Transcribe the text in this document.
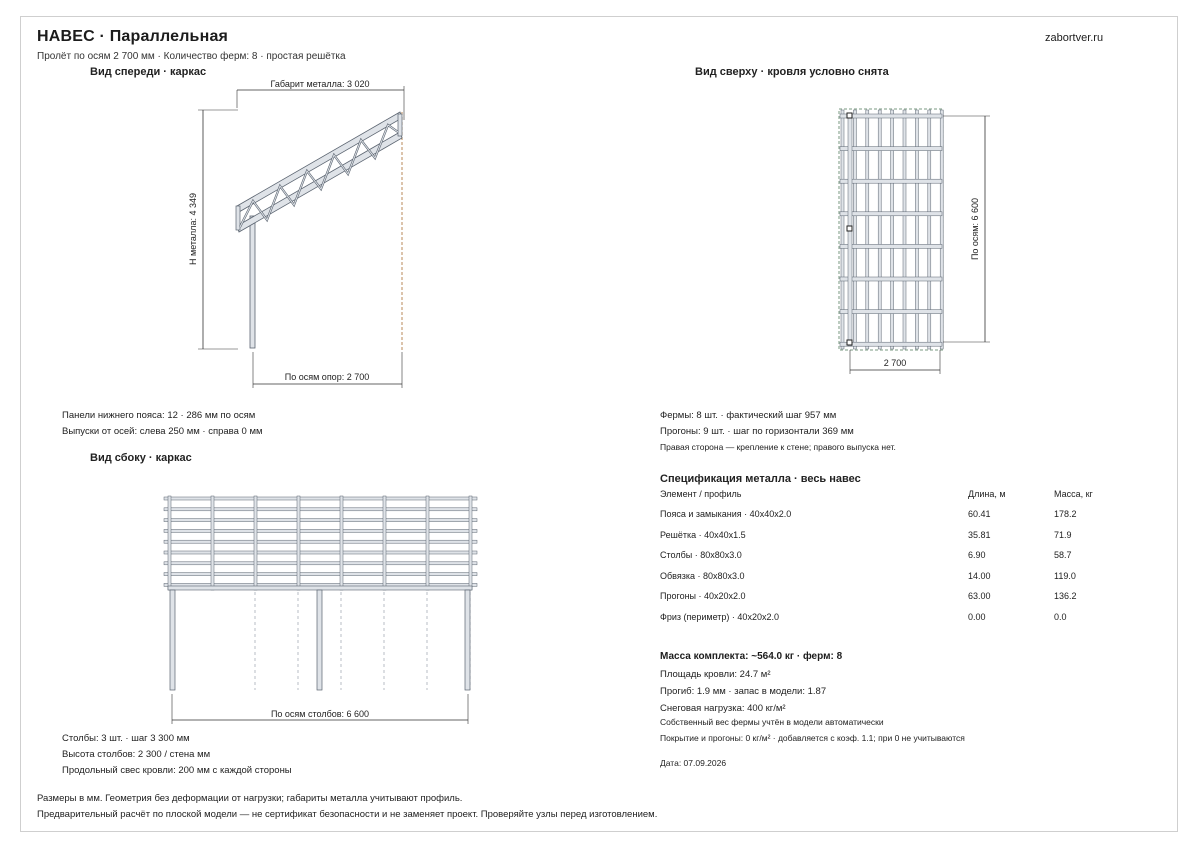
НАВЕС · Параллельная
Пролёт по осям 2 700 мм · Количество ферм: 8 · простая решётка
zabortver.ru
Вид спереди · каркас	Вид сверху · кровля условно снята
Вид сбоку · каркас
Габарит металла: 3 020
Н металла: 4 349
По осям опор: 2 700
Панели нижнего пояса: 12 · 286 мм по осям
Выпуски от осей: слева 250 мм · справа 0 мм
По осям: 6 600
2 700
Фермы: 8 шт. · фактический шаг 957 мм
Прогоны: 9 шт. · шаг по горизонтали 369 мм
Правая сторона — крепление к стене; правого выпуска нет.
По осям столбов: 6 600
Столбы: 3 шт. · шаг 3 300 мм
Высота столбов: 2 300 / стена мм
Продольный свес кровли: 200 мм с каждой стороны
Спецификация металла · весь навес
Элемент / профиль	Длина, м	Масса, кг
Пояса и замыкания · 40х40х2.0	60.41	178.2
Решётка · 40х40х1.5	35.81	71.9
Столбы · 80х80х3.0	6.90	58.7
Обвязка · 80х80х3.0	14.00	119.0
Прогоны · 40х20х2.0	63.00	136.2
Фриз (периметр) · 40х20х2.0	0.00	0.0
Масса комплекта: ~564.0 кг · ферм: 8
Площадь кровли: 24.7 м²
Прогиб: 1.9 мм · запас в модели: 1.87
Снеговая нагрузка: 400 кг/м²
Собственный вес фермы учтён в модели автоматически
Покрытие и прогоны: 0 кг/м² · добавляется с коэф. 1.1; при 0 не учитываются
Дата: 07.09.2026
Размеры в мм. Геометрия без деформации от нагрузки; габариты металла учитывают профиль.
Предварительный расчёт по плоской модели — не сертификат безопасности и не заменяет проект. Проверяйте узлы перед изготовлением.
